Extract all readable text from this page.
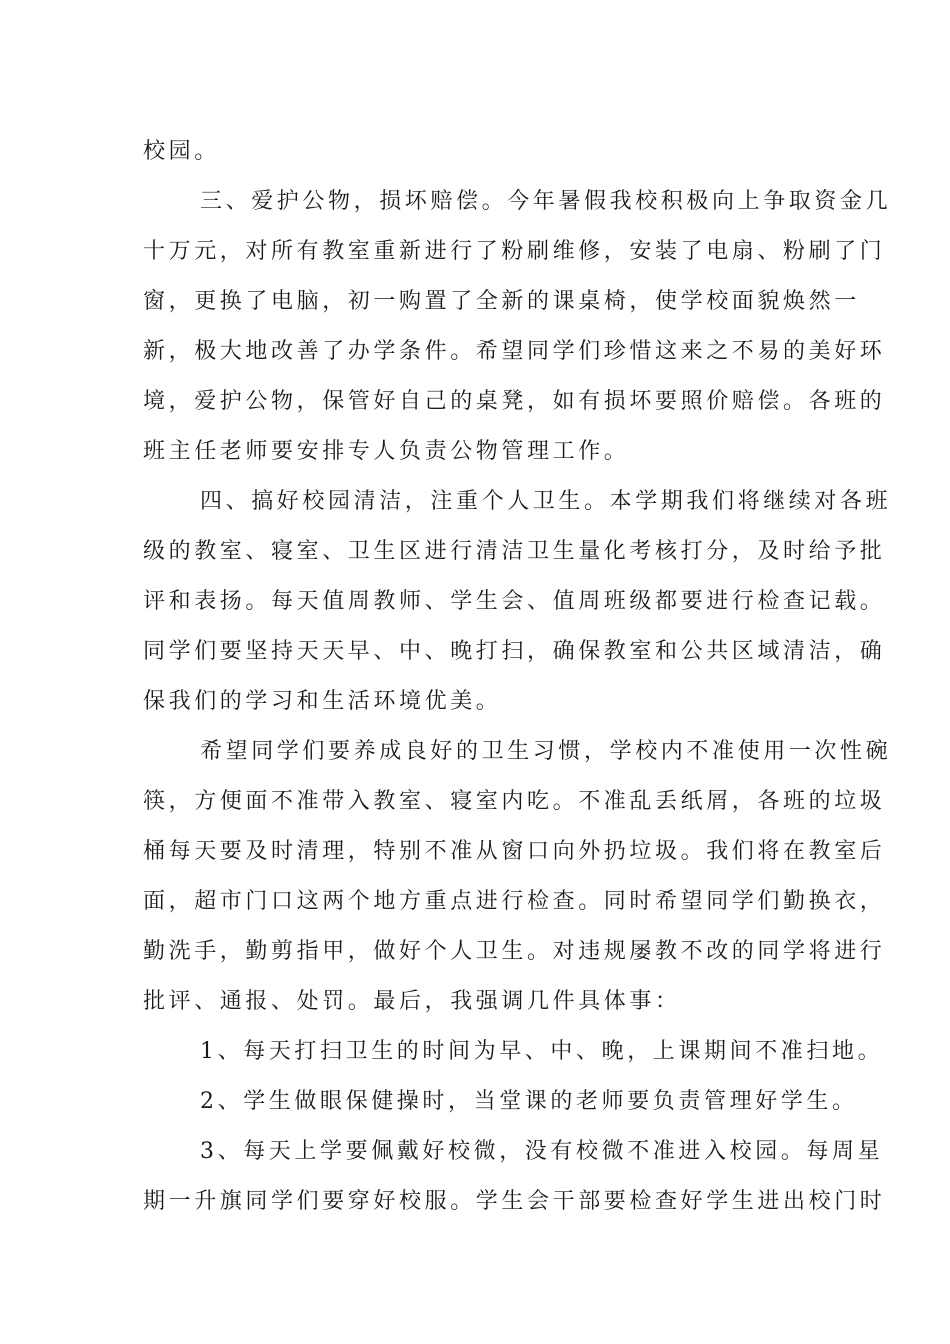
校园。
三、爱护公物，损坏赔偿。今年暑假我校积极向上争取资金几
十万元，对所有教室重新进行了粉刷维修，安装了电扇、粉刷了门
窗，更换了电脑，初一购置了全新的课桌椅，使学校面貌焕然一
新，极大地改善了办学条件。希望同学们珍惜这来之不易的美好环
境，爱护公物，保管好自己的桌凳，如有损坏要照价赔偿。各班的
班主任老师要安排专人负责公物管理工作。
四、搞好校园清洁，注重个人卫生。本学期我们将继续对各班
级的教室、寝室、卫生区进行清洁卫生量化考核打分，及时给予批
评和表扬。每天值周教师、学生会、值周班级都要进行检查记载。
同学们要坚持天天早、中、晚打扫，确保教室和公共区域清洁，确
保我们的学习和生活环境优美。
希望同学们要养成良好的卫生习惯，学校内不准使用一次性碗
筷，方便面不准带入教室、寝室内吃。不准乱丢纸屑，各班的垃圾
桶每天要及时清理，特别不准从窗口向外扔垃圾。我们将在教室后
面，超市门口这两个地方重点进行检查。同时希望同学们勤换衣，
勤洗手，勤剪指甲，做好个人卫生。对违规屡教不改的同学将进行
批评、通报、处罚。最后，我强调几件具体事：
1、每天打扫卫生的时间为早、中、晚，上课期间不准扫地。
2、学生做眼保健操时，当堂课的老师要负责管理好学生。
3、每天上学要佩戴好校微，没有校微不准进入校园。每周星
期一升旗同学们要穿好校服。学生会干部要检查好学生进出校门时
